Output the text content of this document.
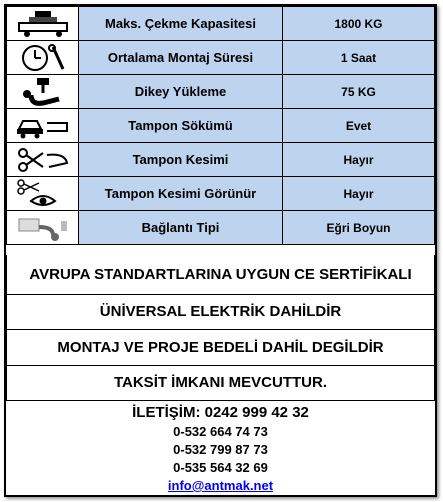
	Maks. Çekme Kapasitesi	1800 KG

	Ortalama Montaj Süresi	1 Saat

	Dikey Yükleme	75 KG

	Tampon Sökümü	Evet

	Tampon Kesimi	Hayır

	Tampon Kesimi Görünür	Hayır

	Bağlantı Tipi	Eğri Boyun
AVRUPA STANDARTLARINA UYGUN CE SERTİFİKALI
ÜNİVERSAL ELEKTRİK DAHİLDİR
MONTAJ VE PROJE BEDELİ DAHİL DEGİLDİR
TAKSİT İMKANI MEVCUTTUR.
İLETİŞİM: 0242 999 42 32
0-532 664 74 73
0-532 799 87 73
0-535 564 32 69
info@antmak.net
